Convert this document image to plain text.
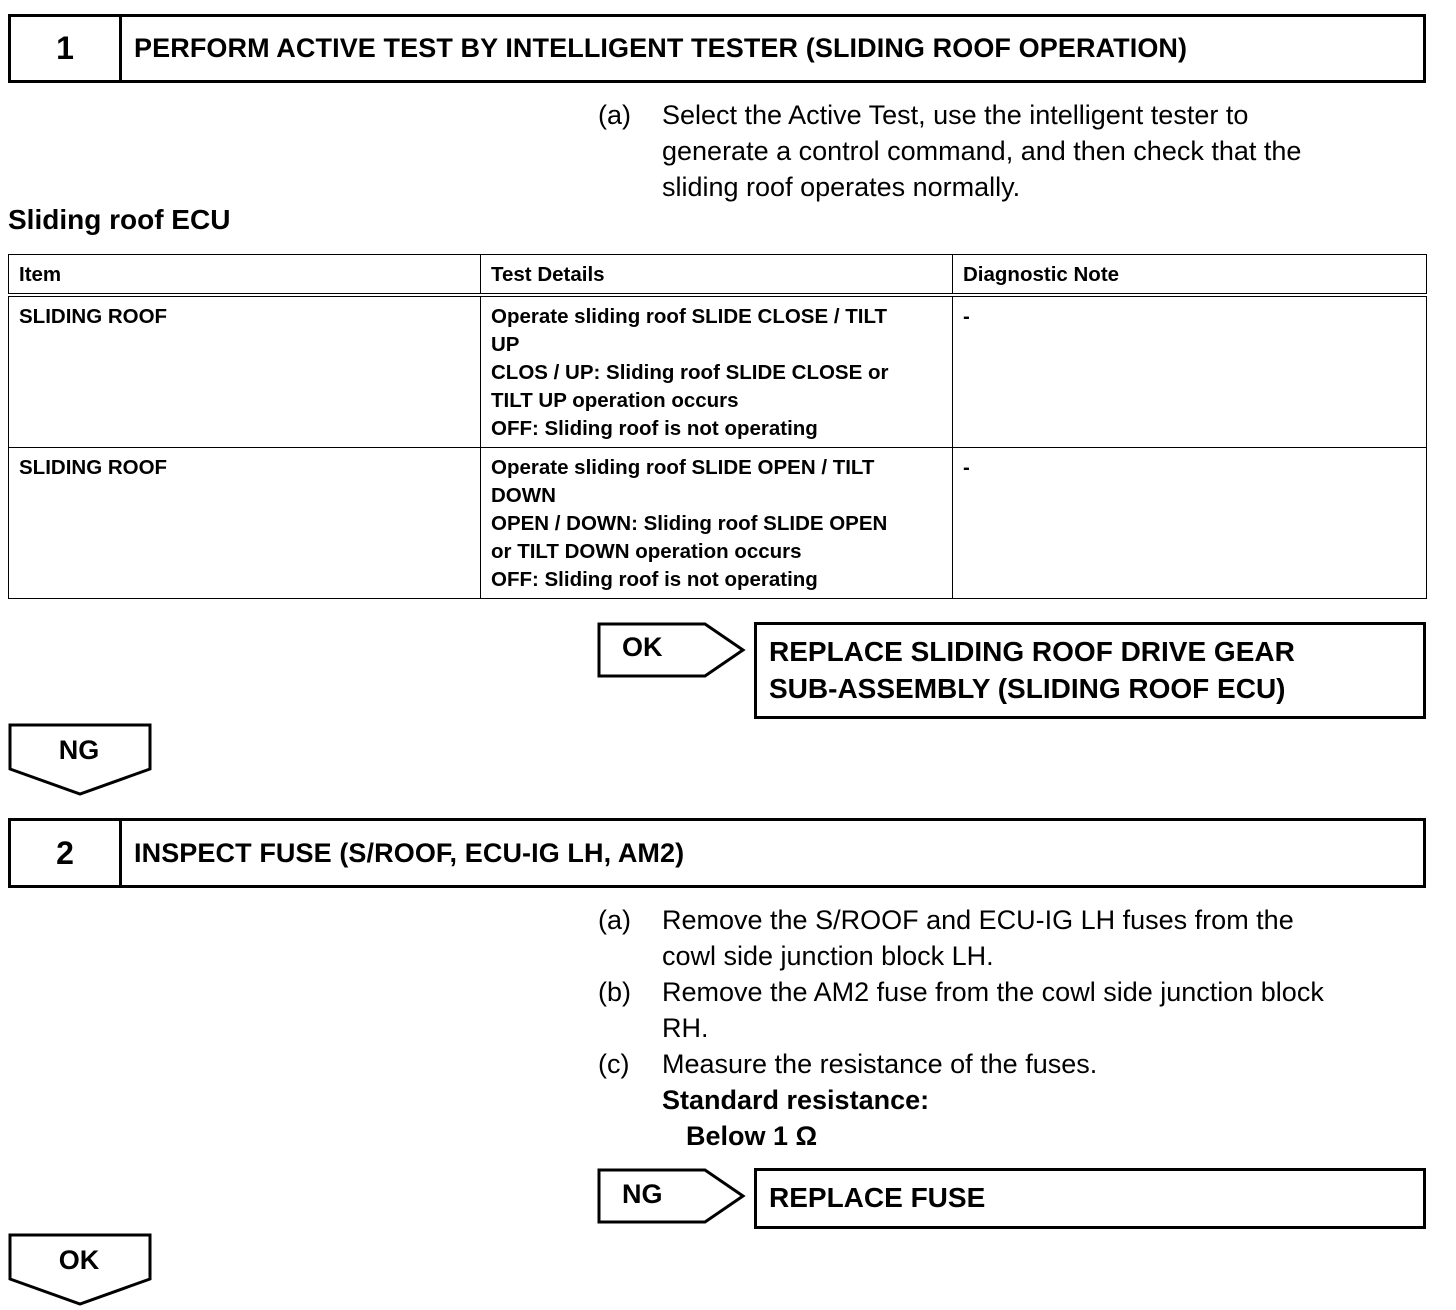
1	PERFORM ACTIVE TEST BY INTELLIGENT TESTER (SLIDING ROOF OPERATION)
(a)	Select the Active Test, use the intelligent tester to
generate a control command, and then check that the
sliding roof operates normally.
Sliding roof ECU
Item	Test Details	Diagnostic Note
SLIDING ROOF	Operate sliding roof SLIDE CLOSE / TILT
UP
CLOS / UP: Sliding roof SLIDE CLOSE or
TILT UP operation occurs
OFF: Sliding roof is not operating	-
SLIDING ROOF	Operate sliding roof SLIDE OPEN / TILT
DOWN
OPEN / DOWN: Sliding roof SLIDE OPEN
or TILT DOWN operation occurs
OFF: Sliding roof is not operating	-
OK	REPLACE SLIDING ROOF DRIVE GEAR
SUB-ASSEMBLY (SLIDING ROOF ECU)
NG
2	INSPECT FUSE (S/ROOF, ECU-IG LH, AM2)
(a)	Remove the S/ROOF and ECU-IG LH fuses from the
cowl side junction block LH.
(b)	Remove the AM2 fuse from the cowl side junction block
RH.
(c)	Measure the resistance of the fuses.
Standard resistance:
Below 1 Ω
NG	REPLACE FUSE
OK
